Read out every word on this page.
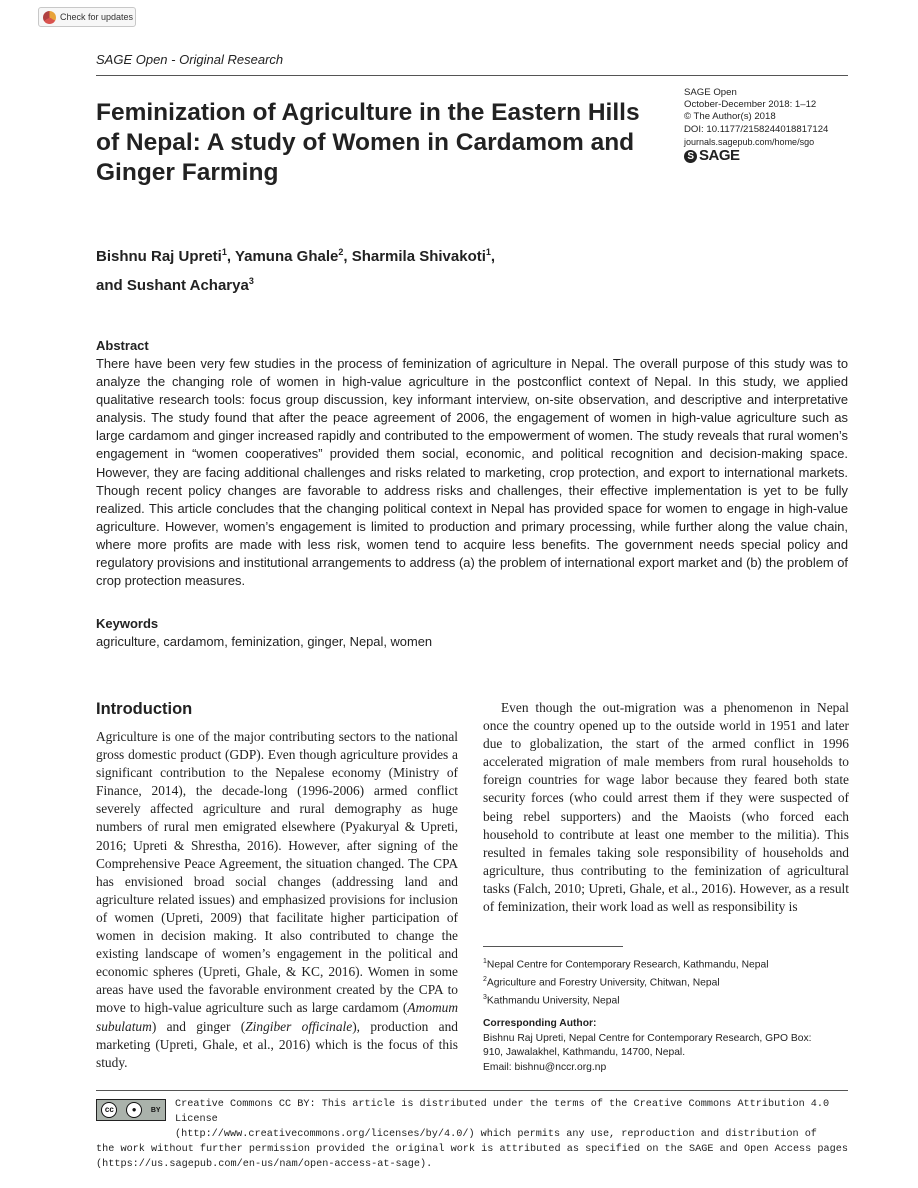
Check for updates
SAGE Open - Original Research
Feminization of Agriculture in the Eastern Hills of Nepal: A study of Women in Cardamom and Ginger Farming
SAGE Open
October-December 2018: 1–12
© The Author(s) 2018
DOI: 10.1177/2158244018817124
journals.sagepub.com/home/sgo
S SAGE
Bishnu Raj Upreti$^1$, Yamuna Ghale$^2$, Sharmila Shivakoti$^1$,
and Sushant Acharya$^3$
Abstract
There have been very few studies in the process of feminization of agriculture in Nepal. The overall purpose of this study was to analyze the changing role of women in high-value agriculture in the postconflict context of Nepal. In this study, we applied qualitative research tools: focus group discussion, key informant interview, on-site observation, and descriptive and interpretative analysis. The study found that after the peace agreement of 2006, the engagement of women in high-value agriculture such as large cardamom and ginger increased rapidly and contributed to the empowerment of women. The study reveals that rural women’s engagement in “women cooperatives” provided them social, economic, and political recognition and decision-making space. However, they are facing additional challenges and risks related to marketing, crop protection, and export to international markets. Though recent policy changes are favorable to address risks and challenges, their effective implementation is yet to be fully realized. This article concludes that the changing political context in Nepal has provided space for women to engage in high-value agriculture. However, women’s engagement is limited to production and primary processing, while further along the value chain, where more profits are made with less risk, women tend to acquire less benefits. The government needs special policy and regulatory provisions and institutional arrangements to address (a) the problem of international export market and (b) the problem of crop protection measures.
Keywords
agriculture, cardamom, feminization, ginger, Nepal, women
Introduction
Agriculture is one of the major contributing sectors to the national gross domestic product (GDP). Even though agriculture provides a significant contribution to the Nepalese economy (Ministry of Finance, 2014), the decade-long (1996-2006) armed conflict severely affected agriculture and rural demography as huge numbers of rural men emigrated elsewhere (Pyakuryal & Upreti, 2016; Upreti & Shrestha, 2016). However, after signing of the Comprehensive Peace Agreement, the situation changed. The CPA has envisioned broad social changes (addressing land and agriculture related issues) and emphasized provisions for inclusion of women (Upreti, 2009) that facilitate higher participation of women in decision making. It also contributed to change the existing landscape of women’s engagement in the political and economic spheres (Upreti, Ghale, & KC, 2016). Women in some areas have used the favorable environment created by the CPA to move to high-value agriculture such as large cardamom (Amomum subulatum) and ginger (Zingiber officinale), production and marketing (Upreti, Ghale, et al., 2016) which is the focus of this study.
Even though the out-migration was a phenomenon in Nepal once the country opened up to the outside world in 1951 and later due to globalization, the start of the armed conflict in 1996 accelerated migration of male members from rural households to foreign countries for wage labor because they feared both state security forces (who could arrest them if they were suspected of being rebel supporters) and the Maoists (who forced each household to contribute at least one member to the militia). This resulted in females taking sole responsibility of households and agriculture, thus contributing to the feminization of agricultural tasks (Falch, 2010; Upreti, Ghale, et al., 2016). However, as a result of feminization, their work load as well as responsibility is
$^1$Nepal Centre for Contemporary Research, Kathmandu, Nepal
$^2$Agriculture and Forestry University, Chitwan, Nepal
$^3$Kathmandu University, Nepal
Corresponding Author:
Bishnu Raj Upreti, Nepal Centre for Contemporary Research, GPO Box:
910, Jawalakhel, Kathmandu, 14700, Nepal.
Email: bishnu@nccr.org.np
cc	●	BY	Creative Commons CC BY: This article is distributed under the terms of the Creative Commons Attribution 4.0 License
(http://www.creativecommons.org/licenses/by/4.0/) which permits any use, reproduction and distribution of
the work without further permission provided the original work is attributed as specified on the SAGE and Open Access pages
(https://us.sagepub.com/en-us/nam/open-access-at-sage).
